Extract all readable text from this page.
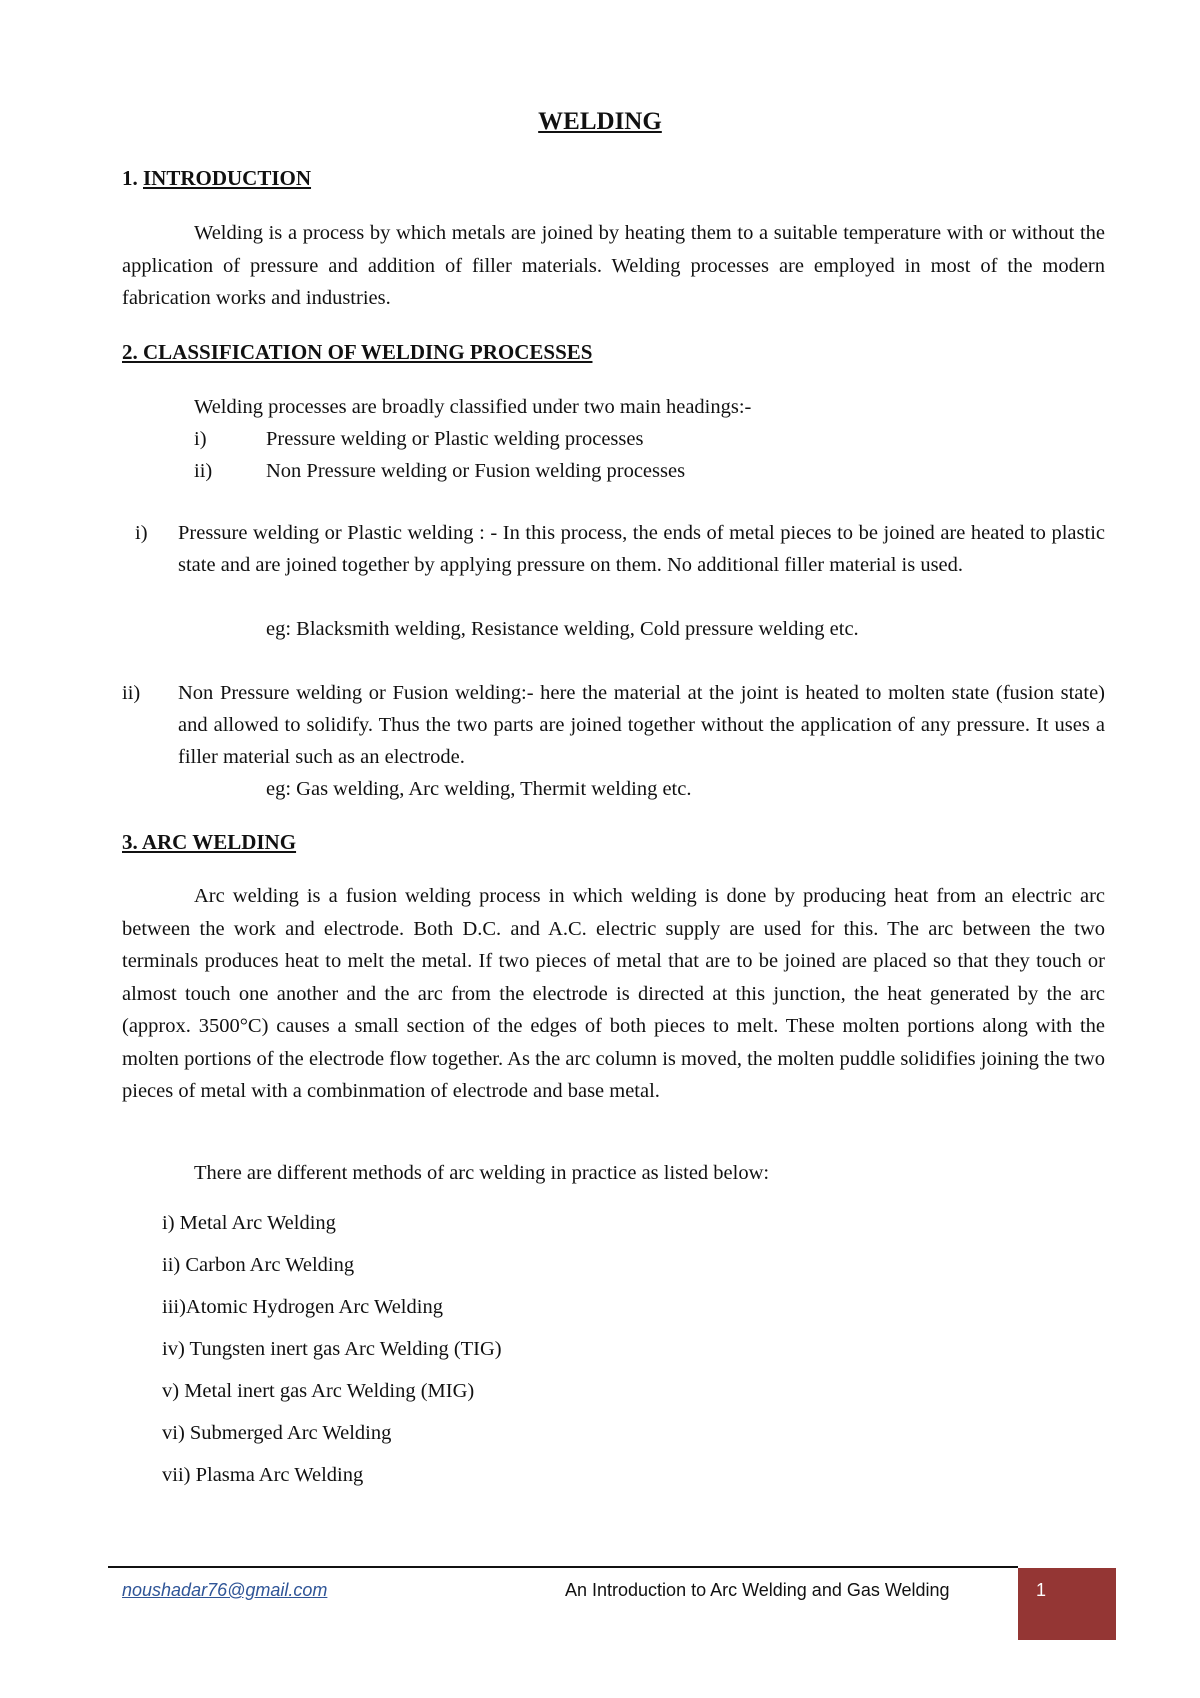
WELDING
1. INTRODUCTION

Welding is a process by which metals are joined by heating them to a suitable temperature with or without the application of pressure and addition of filler materials. Welding processes are employed in most of the modern fabrication works and industries.

2. CLASSIFICATION OF WELDING PROCESSES
Welding processes are broadly classified under two main headings:-
i)	Pressure welding or Plastic welding processes
ii)	Non Pressure welding or Fusion welding processes
i) Pressure welding or Plastic welding : - In this process, the ends of metal pieces to be joined are heated to plastic state and are joined together by applying pressure on them. No additional filler material is used.

eg: Blacksmith welding, Resistance welding, Cold pressure welding etc.
ii) Non Pressure welding or Fusion welding:- here the material at the joint is heated to molten state (fusion state) and allowed to solidify. Thus the two parts are joined together without the application of any pressure. It uses a filler material such as an electrode.

eg: Gas welding, Arc welding, Thermit welding etc.
3. ARC WELDING

Arc welding is a fusion welding process in which welding is done by producing heat from an electric arc between the work and electrode. Both D.C. and A.C. electric supply are used for this. The arc between the two terminals produces heat to melt the metal. If two pieces of metal that are to be joined are placed so that they touch or almost touch one another and the arc from the electrode is directed at this junction, the heat generated by the arc (approx. 3500°C) causes a small section of the edges of both pieces to melt. These molten portions along with the molten portions of the electrode flow together. As the arc column is moved, the molten puddle solidifies joining the two pieces of metal with a combinmation of electrode and base metal.

There are different methods of arc welding in practice as listed below:
i) Metal Arc Welding
ii) Carbon Arc Welding
iii)Atomic Hydrogen Arc Welding
iv) Tungsten inert gas Arc Welding (TIG)
v) Metal inert gas Arc Welding (MIG)
vi) Submerged Arc Welding
vii) Plasma Arc Welding
noushadar76@gmail.com	An Introduction to Arc Welding and Gas Welding	1
